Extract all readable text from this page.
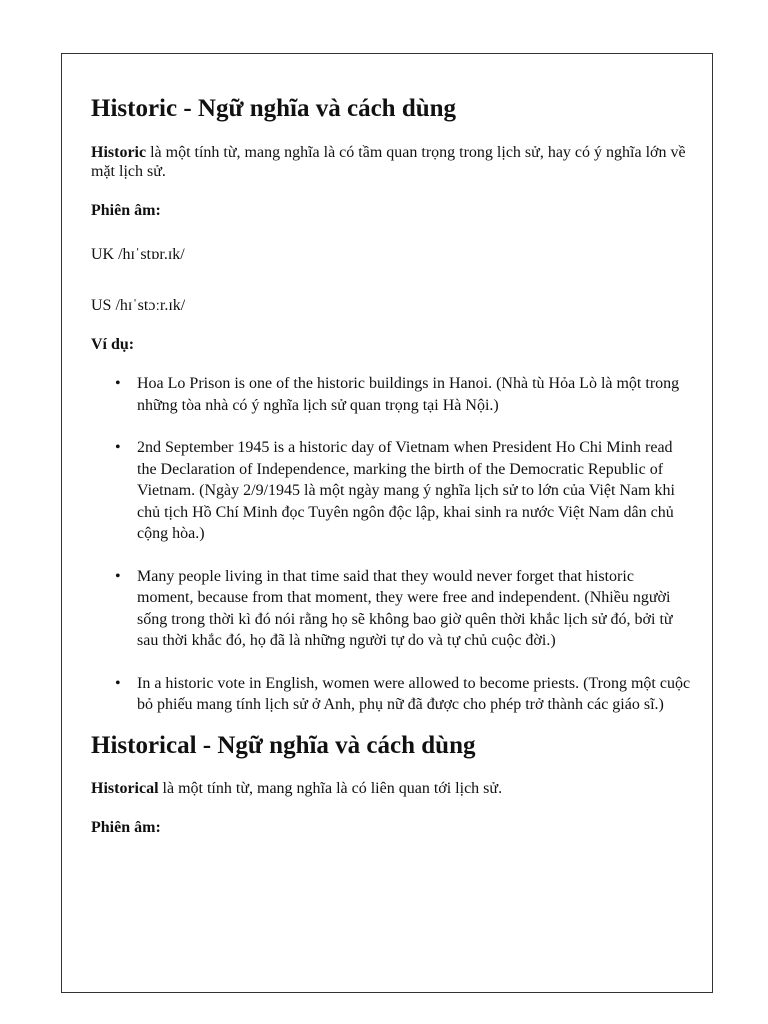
Historic - Ngữ nghĩa và cách dùng

Historic là một tính từ, mang nghĩa là có tầm quan trọng trong lịch sử, hay có ý nghĩa lớn về mặt lịch sử.

Phiên âm:

UK /hɪˈstɒr.ɪk/

US /hɪˈstɔːr.ɪk/

Ví dụ:

• Hoa Lo Prison is one of the historic buildings in Hanoi. (Nhà tù Hỏa Lò là một trong những tòa nhà có ý nghĩa lịch sử quan trọng tại Hà Nội.)
• 2nd September 1945 is a historic day of Vietnam when President Ho Chi Minh read the Declaration of Independence, marking the birth of the Democratic Republic of Vietnam. (Ngày 2/9/1945 là một ngày mang ý nghĩa lịch sử to lớn của Việt Nam khi chủ tịch Hồ Chí Minh đọc Tuyên ngôn độc lập, khai sinh ra nước Việt Nam dân chủ cộng hòa.)
• Many people living in that time said that they would never forget that historic moment, because from that moment, they were free and independent. (Nhiều người sống trong thời kì đó nói rằng họ sẽ không bao giờ quên thời khắc lịch sử đó, bởi từ sau thời khắc đó, họ đã là những người tự do và tự chủ cuộc đời.)
• In a historic vote in English, women were allowed to become priests. (Trong một cuộc bỏ phiếu mang tính lịch sử ở Anh, phụ nữ đã được cho phép trở thành các giáo sĩ.)
Historical - Ngữ nghĩa và cách dùng

Historical là một tính từ, mang nghĩa là có liên quan tới lịch sử.

Phiên âm:
